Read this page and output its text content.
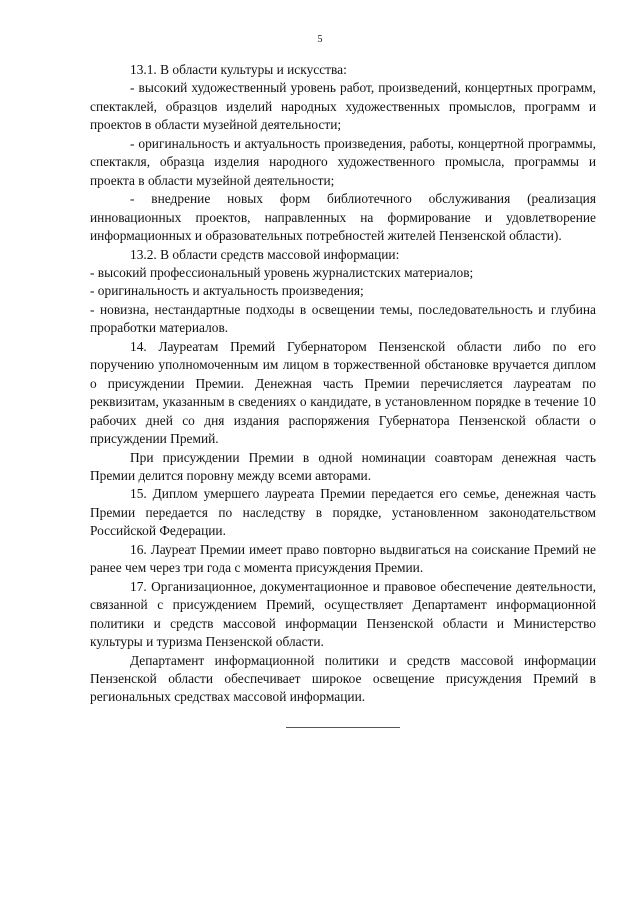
5

13.1. В области культуры и искусства:

- высокий художественный уровень работ, произведений, концертных программ, спектаклей, образцов изделий народных художественных промыслов, программ и проектов в области музейной деятельности;

- оригинальность и актуальность произведения, работы, концертной программы, спектакля, образца изделия народного художественного промысла, программы и проекта в области музейной деятельности;

- внедрение новых форм библиотечного обслуживания (реализация инновационных проектов, направленных на формирование и удовлетворение информационных и образовательных потребностей жителей Пензенской области).

13.2. В области средств массовой информации:

- высокий профессиональный уровень журналистских материалов;

- оригинальность и актуальность произведения;

- новизна, нестандартные подходы в освещении темы, последовательность и глубина проработки материалов.

14. Лауреатам Премий Губернатором Пензенской области либо по его поручению уполномоченным им лицом в торжественной обстановке вручается диплом о присуждении Премии. Денежная часть Премии перечисляется лауреатам по реквизитам, указанным в сведениях о кандидате, в установленном порядке в течение 10 рабочих дней со дня издания распоряжения Губернатора Пензенской области о присуждении Премий.

При присуждении Премии в одной номинации соавторам денежная часть Премии делится поровну между всеми авторами.

15. Диплом умершего лауреата Премии передается его семье, денежная часть Премии передается по наследству в порядке, установленном законодательством Российской Федерации.

16. Лауреат Премии имеет право повторно выдвигаться на соискание Премий не ранее чем через три года с момента присуждения Премии.

17. Организационное, документационное и правовое обеспечение деятельности, связанной с присуждением Премий, осуществляет Департамент информационной политики и средств массовой информации Пензенской области и Министерство культуры и туризма Пензенской области.

Департамент информационной политики и средств массовой информации Пензенской области обеспечивает широкое освещение присуждения Премий в региональных средствах массовой информации.
